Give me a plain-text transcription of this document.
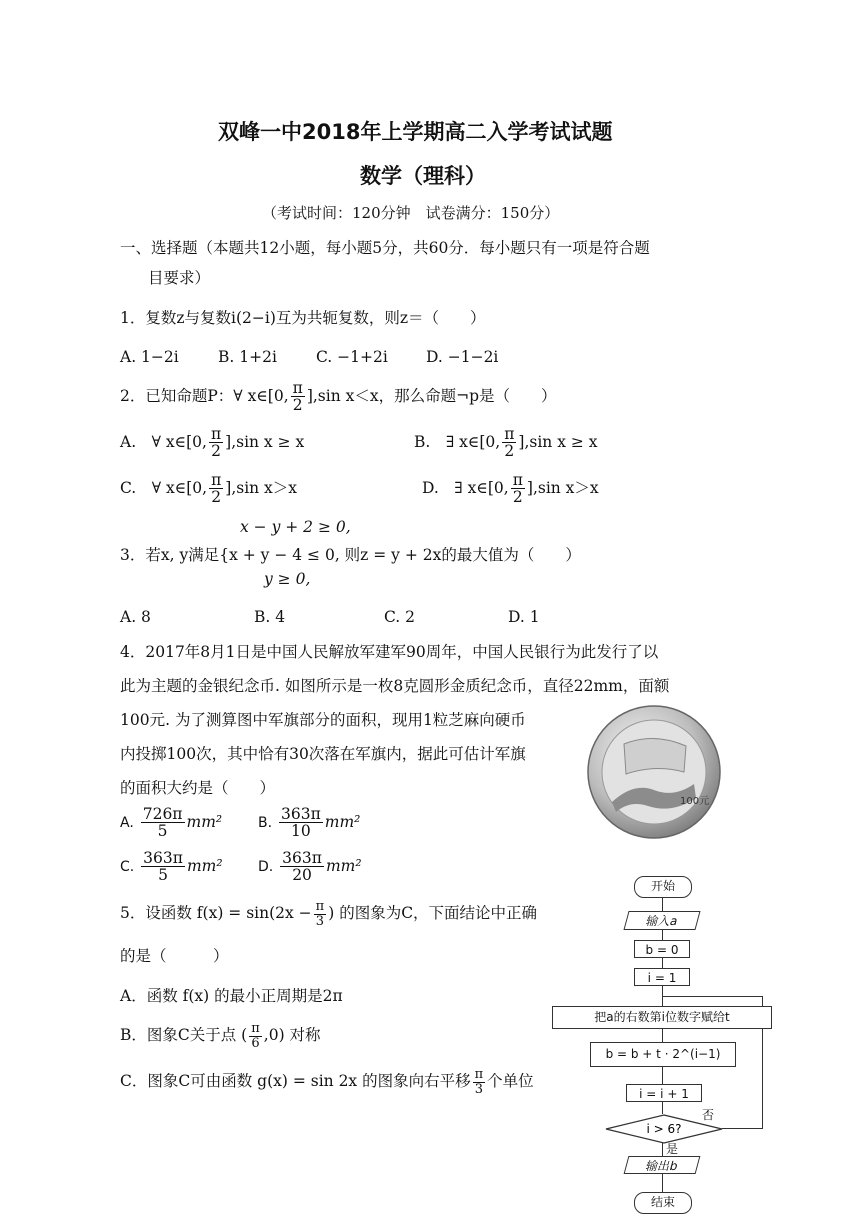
双峰一中2018年上学期高二入学考试试题
数学（理科）
（考试时间：120分钟　试卷满分：150分）
一、选择题（本题共12小题，每小题5分，共60分．每小题只有一项是符合题
目要求）
1．复数z与复数i(2−i)互为共轭复数，则z＝（　　）
A. 1−2i	B. 1+2i	C. −1+2i D. −1−2i
2．已知命题P：∀ x∈[0, $\frac{\pi}{2} ],\sin$ x＜x，那么命题¬p是（　　）
A.　∀ x∈[0, $\frac{\pi}{2} ],\sin$ x ≥ x	B.　∃ x∈[0, $\frac{\pi}{2} ],\sin$ x ≥ x
C.　∀ x∈[0, $\frac{\pi}{2} ],\sin$ x＞x	D.　∃ x∈[0, $\frac{\pi}{2} ],\sin$ x＞x
x − y + 2 ≥ 0,
3．若x, y满足{x + y − 4 ≤ 0, 则z = y + 2x的最大值为（　　）
y ≥ 0,
A. 8	B. 4	C. 2	D. 1
4．2017年8月1日是中国人民解放军建军90周年，中国人民银行为此发行了以
此为主题的金银纪念币. 如图所示是一枚8克圆形金质纪念币，直径22mm，面额
100元. 为了测算图中军旗部分的面积，现用1粒芝麻向硬币
内投掷100次，其中恰有30次落在军旗内，据此可估计军旗
的面积大约是（　　）
A. $\frac{726\pi}{5} mm^2$	B. $\frac{363\pi}{10} mm^2$
C. $\frac{363\pi}{5} mm^2$	D. $\frac{363\pi}{20} mm^2$
100元
5．设函数 $f(x) = \sin(2x - \frac{\pi}{3}$ ) 的图象为C，下面结论中正确
的是（　　　）
A．函数 f(x) 的最小正周期是2π
B．图象C关于点 ( $\frac{\pi}{6} ,0$) 对称
C．图象C可由函数 g(x) = sin 2x 的图象向右平移 $\frac{\pi}{3}$ 个单位
开始
输入a
b = 0
i = 1
把a的右数第i位数字赋给t
b = b + t · 2^(i−1)
i = i + 1
i > 6?
否
是
输出b
结束
